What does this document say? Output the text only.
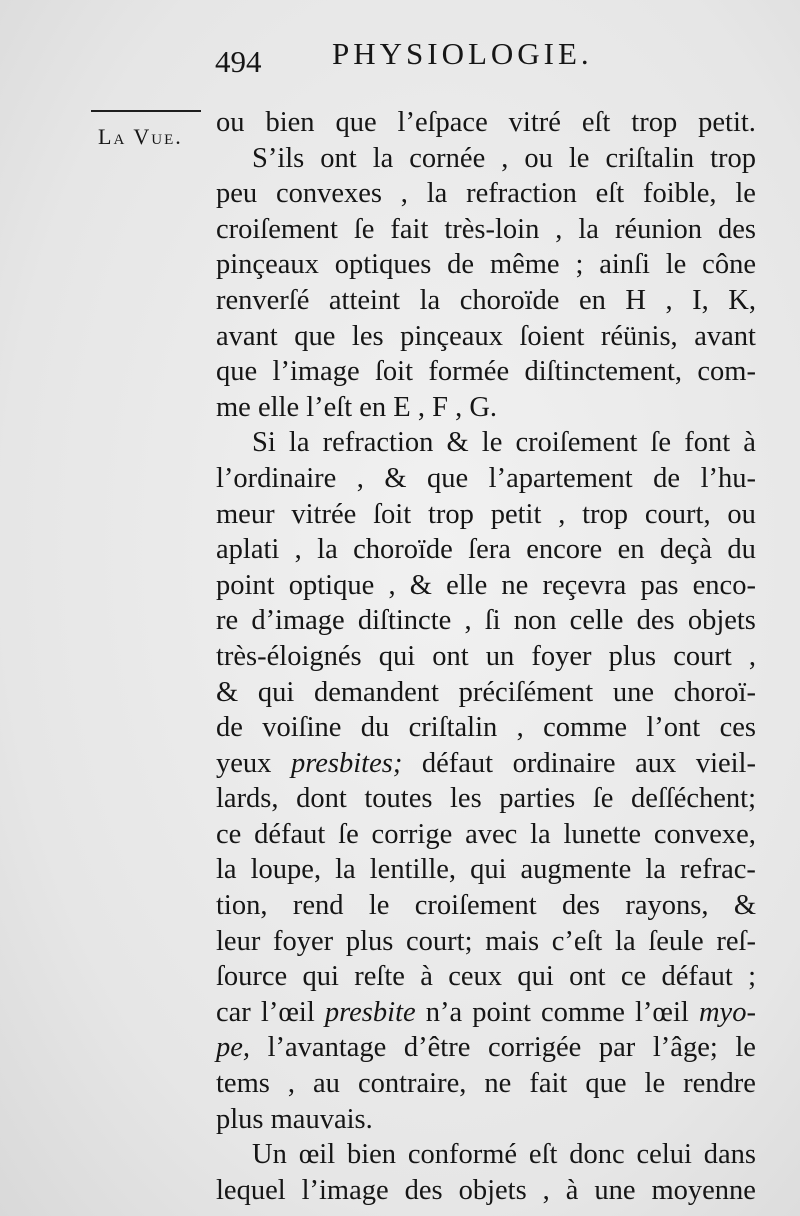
494 PHYSIOLOGIE.
La Vue. ou bien que l’eſpace vitré eſt trop petit.
S’ils ont la cornée , ou le criſtalin trop
peu convexes , la refraction eſt foible, le
croiſement ſe fait très-loin , la réunion des
pinçeaux optiques de même ; ainſi le cône
renverſé atteint la choroïde en H , I, K,
avant que les pinçeaux ſoient réünis, avant
que l’image ſoit formée diſtinctement, com-
me elle l’eſt en E , F , G.
Si la refraction & le croiſement ſe font à
l’ordinaire , & que l’apartement de l’hu-
meur vitrée ſoit trop petit , trop court, ou
aplati , la choroïde ſera encore en deçà du
point optique , & elle ne reçevra pas enco-
re d’image diſtincte , ſi non celle des objets
très-éloignés qui ont un foyer plus court ,
& qui demandent préciſément une choroï-
de voiſine du criſtalin , comme l’ont ces
yeux presbites; défaut ordinaire aux vieil-
lards, dont toutes les parties ſe deſſéchent;
ce défaut ſe corrige avec la lunette convexe,
la loupe, la lentille, qui augmente la refrac-
tion, rend le croiſement des rayons, &
leur foyer plus court; mais c’eſt la ſeule reſ-
ſource qui reſte à ceux qui ont ce défaut ;
car l’œil presbite n’a point comme l’œil myo-
pe, l’avantage d’être corrigée par l’âge; le
tems , au contraire, ne fait que le rendre
plus mauvais.
Un œil bien conformé eſt donc celui dans
lequel l’image des objets , à une moyenne
